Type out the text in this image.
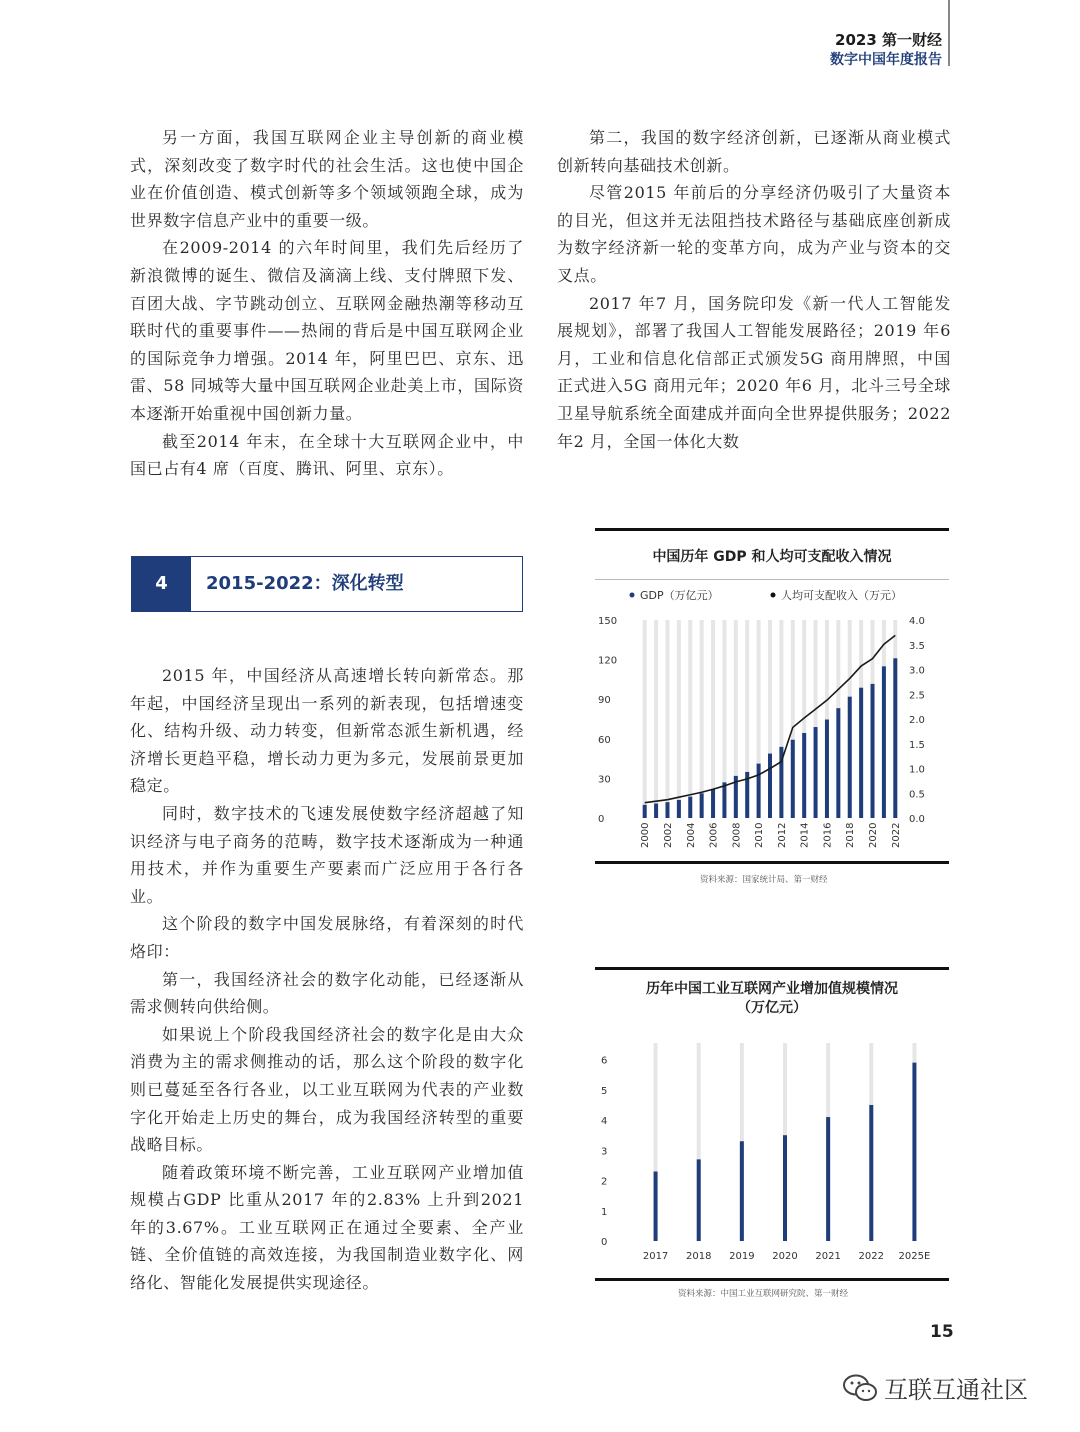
2023 第一财经
数字中国年度报告

另一方面，我国互联网企业主导创新的商业模式，深刻改变了数字时代的社会生活。这也使中国企业在价值创造、模式创新等多个领域领跑全球，成为世界数字信息产业中的重要一级。

在2009-2014 的六年时间里，我们先后经历了新浪微博的诞生、微信及滴滴上线、支付牌照下发、百团大战、字节跳动创立、互联网金融热潮等移动互联时代的重要事件——热闹的背后是中国互联网企业的国际竞争力增强。2014 年，阿里巴巴、京东、迅雷、58 同城等大量中国互联网企业赴美上市，国际资本逐渐开始重视中国创新力量。

截至2014 年末，在全球十大互联网企业中，中国已占有4 席（百度、腾讯、阿里、京东）。

第二，我国的数字经济创新，已逐渐从商业模式创新转向基础技术创新。

尽管2015 年前后的分享经济仍吸引了大量资本的目光，但这并无法阻挡技术路径与基础底座创新成为数字经济新一轮的变革方向，成为产业与资本的交叉点。

2017 年7 月，国务院印发《新一代人工智能发展规划》，部署了我国人工智能发展路径；2019 年6 月，工业和信息化信部正式颁发5G 商用牌照，中国正式进入5G 商用元年；2020 年6 月，北斗三号全球卫星导航系统全面建成并面向全世界提供服务；2022 年2 月，全国一体化大数

4	2015-2022：深化转型

2015 年，中国经济从高速增长转向新常态。那年起，中国经济呈现出一系列的新表现，包括增速变化、结构升级、动力转变，但新常态派生新机遇，经济增长更趋平稳，增长动力更为多元，发展前景更加稳定。

同时，数字技术的飞速发展使数字经济超越了知识经济与电子商务的范畴，数字技术逐渐成为一种通用技术，并作为重要生产要素而广泛应用于各行各业。

这个阶段的数字中国发展脉络，有着深刻的时代烙印：

第一，我国经济社会的数字化动能，已经逐渐从需求侧转向供给侧。

如果说上个阶段我国经济社会的数字化是由大众消费为主的需求侧推动的话，那么这个阶段的数字化则已蔓延至各行各业，以工业互联网为代表的产业数字化开始走上历史的舞台，成为我国经济转型的重要战略目标。

随着政策环境不断完善，工业互联网产业增加值规模占GDP 比重从2017 年的2.83% 上升到2021 年的3.67%。工业互联网正在通过全要素、全产业链、全价值链的高效连接，为我国制造业数字化、网络化、智能化发展提供实现途径。

中国历年 GDP 和人均可支配收入情况
GDP（万亿元）	人均可支配收入（万元）
0
30
60
90
120
150
0.0
0.5
1.0
1.5
2.0
2.5
3.0
3.5
4.0
2000 2002 2004 2006 2008 2010 2012 2014 2016 2018 2020 2022
资料来源：国家统计局、第一财经
历年中国工业互联网产业增加值规模情况
（万亿元）
0
1
2
3
4
5
6
2017 2018 2019 2020 2021 2022 2025E
资料来源：中国工业互联网研究院、第一财经
15
互联互通社区
